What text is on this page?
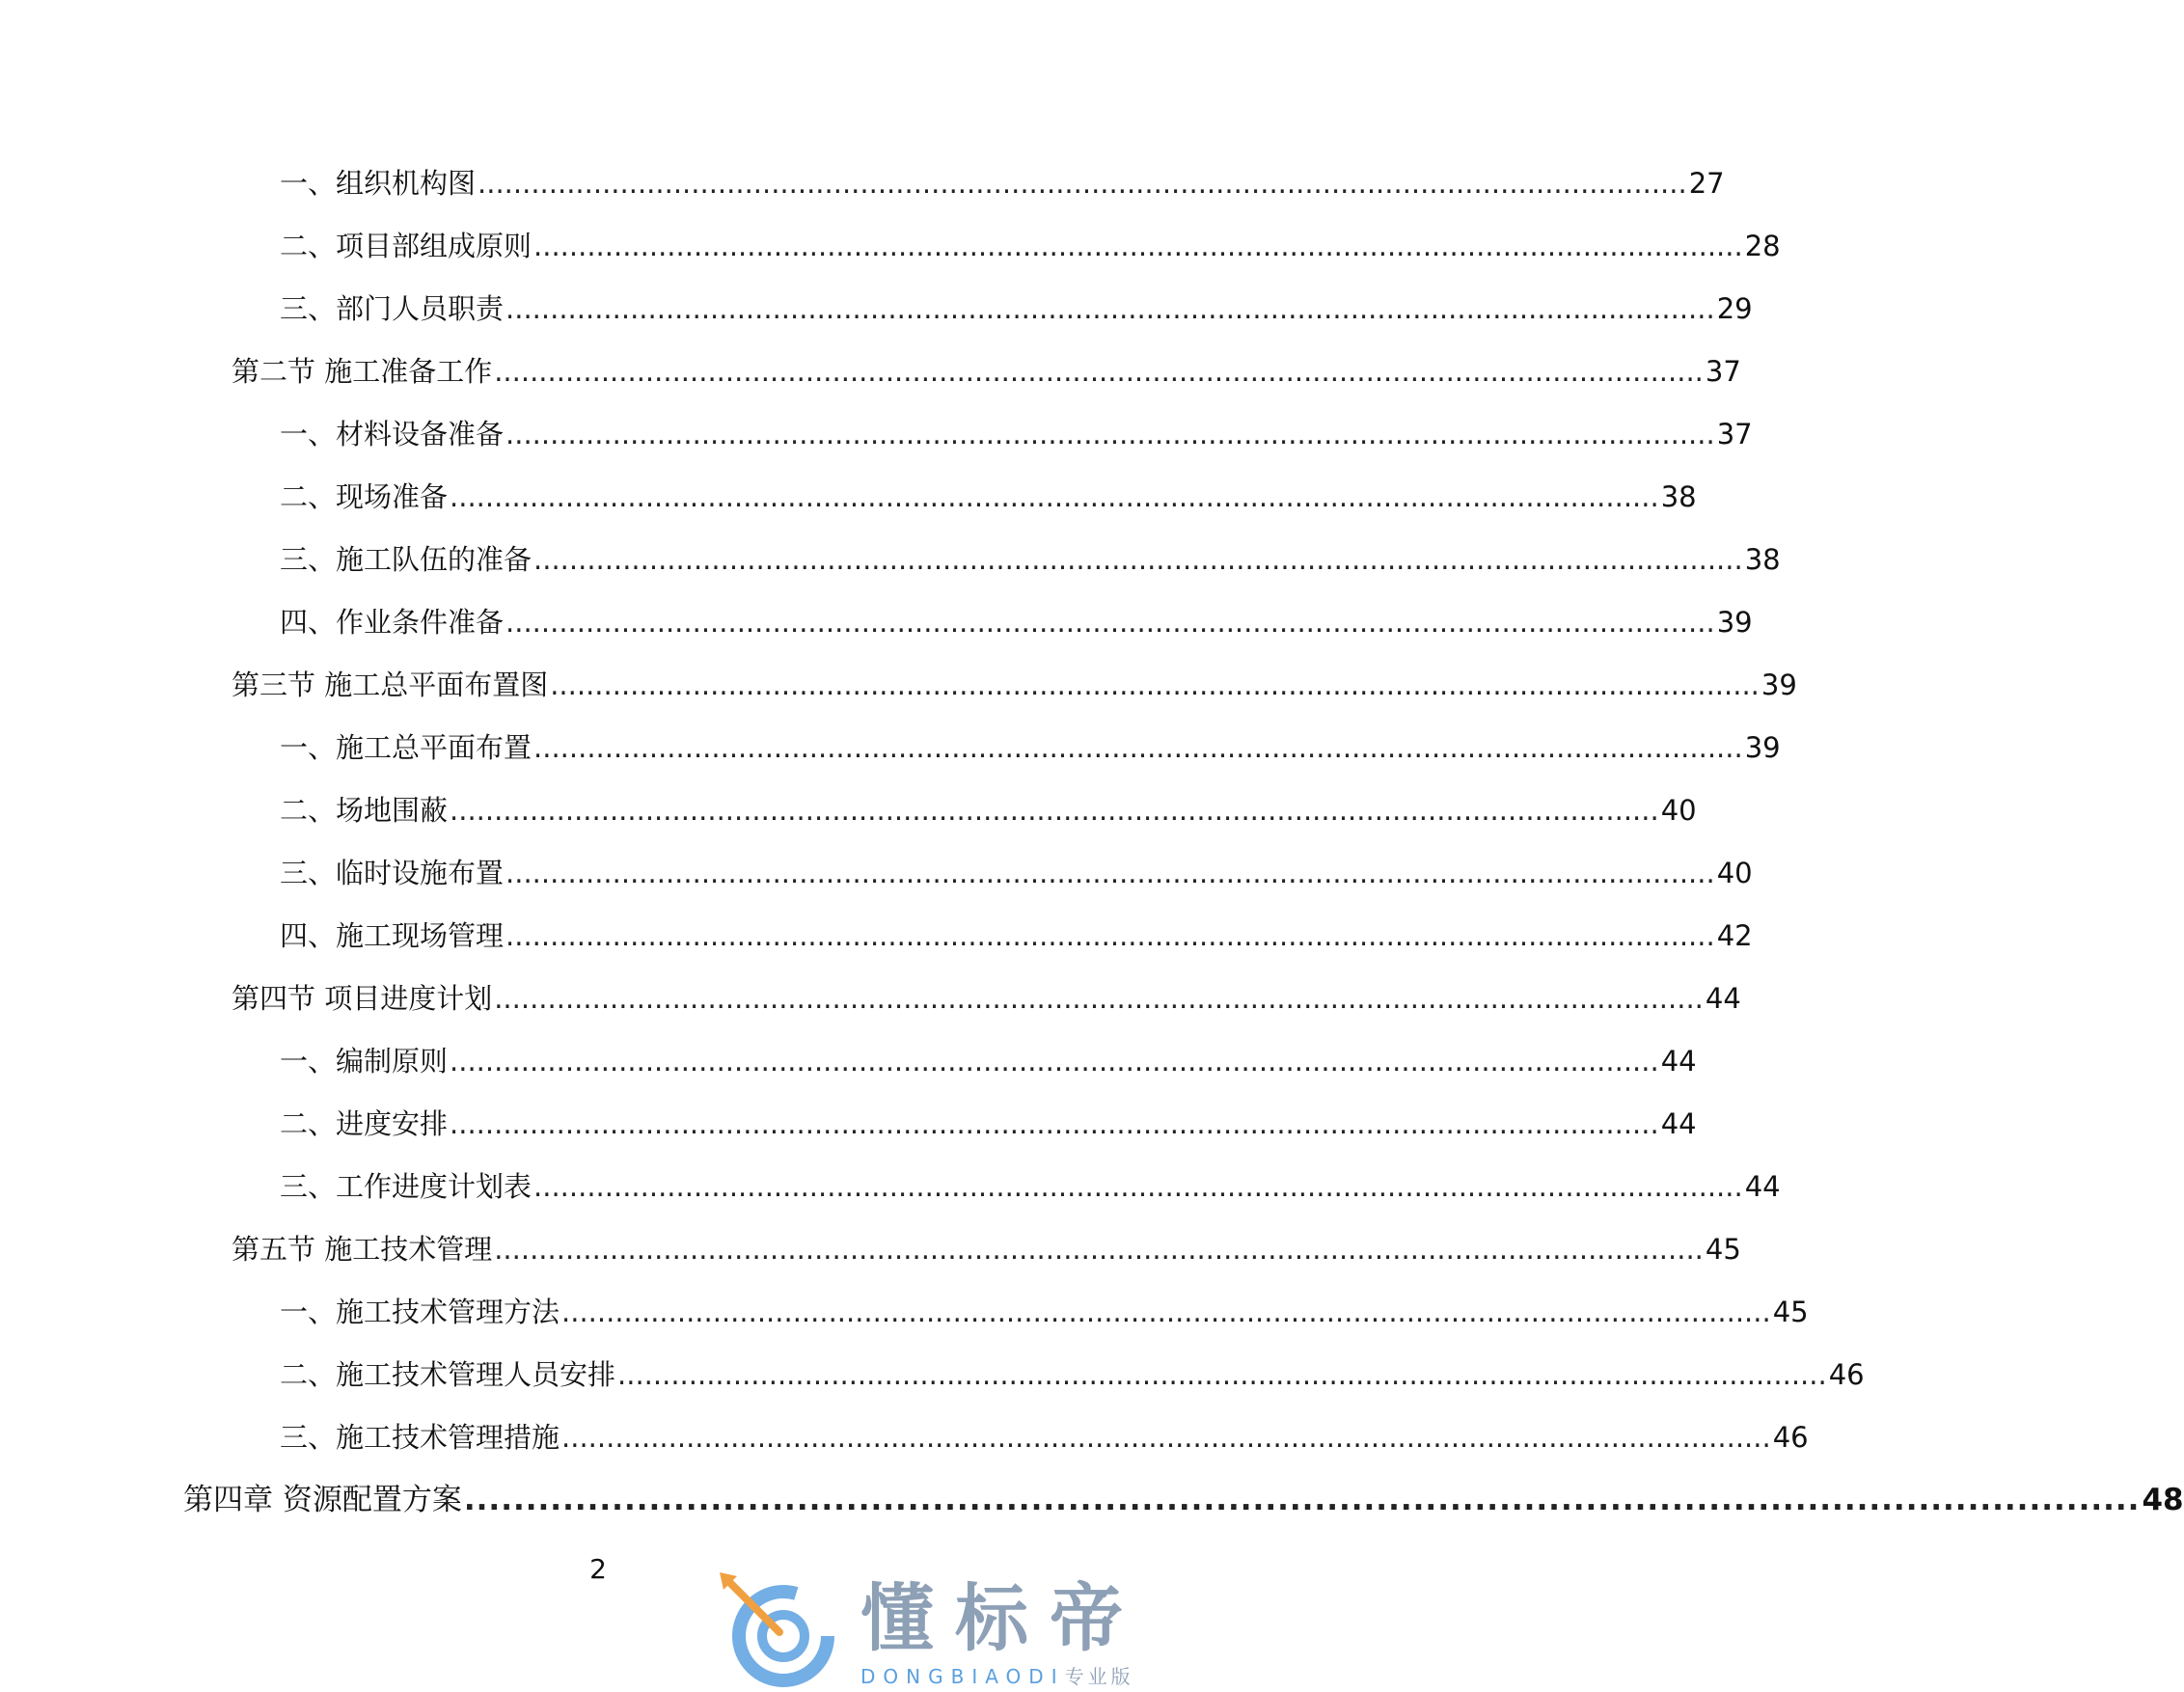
一、组织机构图 ........................................................................................................................................ 27
二、项目部组成原则 ........................................................................................................................................ 28
三、部门人员职责 ........................................................................................................................................ 29
第二节 施工准备工作 ........................................................................................................................................ 37
一、材料设备准备 ........................................................................................................................................ 37
二、现场准备 ........................................................................................................................................ 38
三、施工队伍的准备 ........................................................................................................................................ 38
四、作业条件准备 ........................................................................................................................................ 39
第三节 施工总平面布置图 ........................................................................................................................................ 39
一、施工总平面布置 ........................................................................................................................................ 39
二、场地围蔽 ........................................................................................................................................ 40
三、临时设施布置 ........................................................................................................................................ 40
四、施工现场管理 ........................................................................................................................................ 42
第四节 项目进度计划 ........................................................................................................................................ 44
一、编制原则 ........................................................................................................................................ 44
二、进度安排 ........................................................................................................................................ 44
三、工作进度计划表 ........................................................................................................................................ 44
第五节 施工技术管理 ........................................................................................................................................ 45
一、施工技术管理方法 ........................................................................................................................................ 45
二、施工技术管理人员安排 ........................................................................................................................................ 46
三、施工技术管理措施 ........................................................................................................................................ 46
第四章 资源配置方案 ........................................................................................................................................ 48
2
懂标帝
DONGBIAODI专业版
